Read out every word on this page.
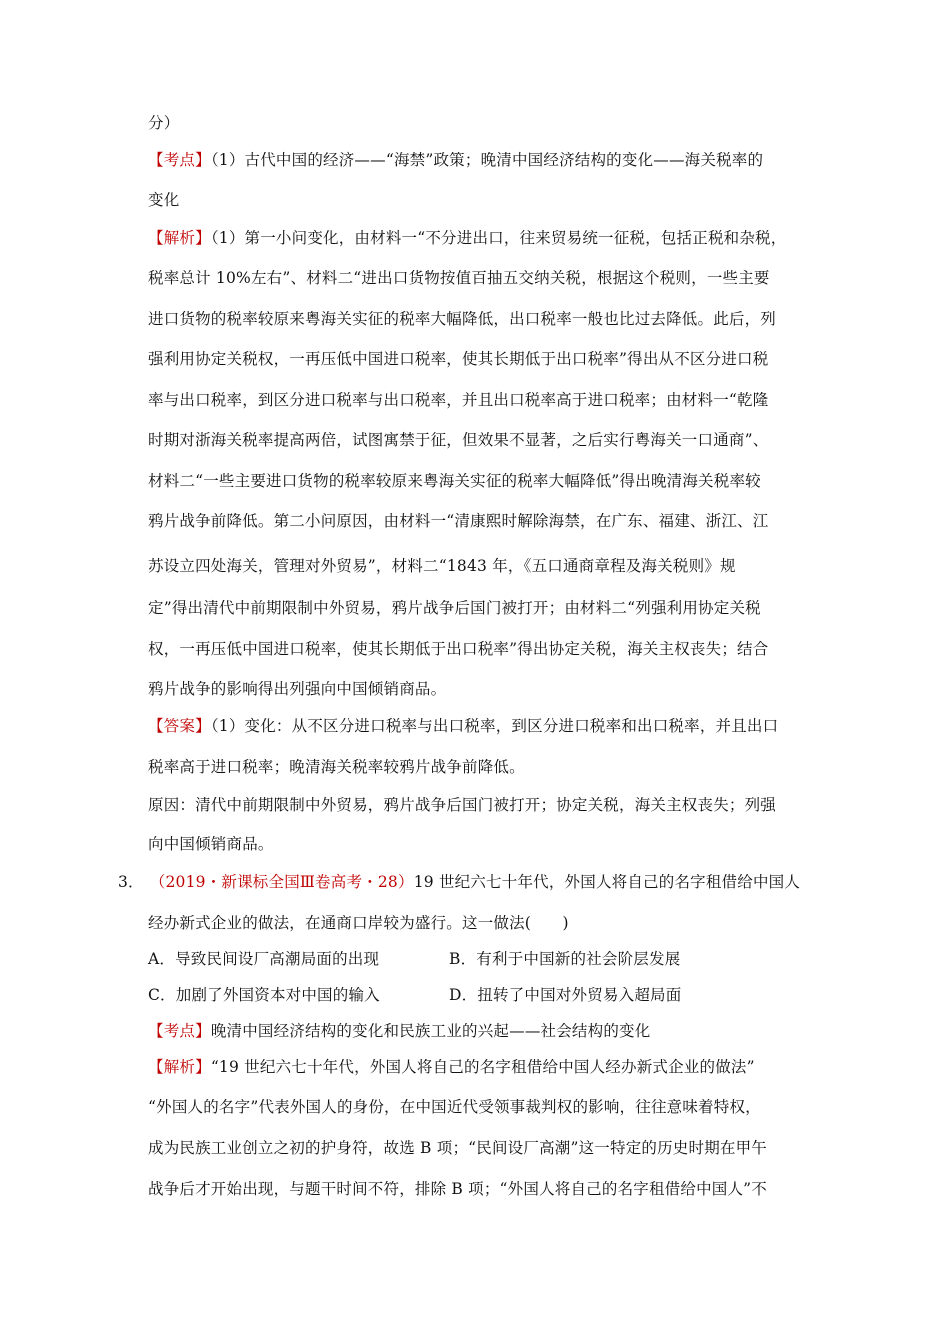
分）
【考点】（1）古代中国的经济——“海禁”政策；晚清中国经济结构的变化——海关税率的
变化
【解析】（1）第一小问变化，由材料一“不分进出口，往来贸易统一征税，包括正税和杂税，
税率总计 10%左右”、材料二“进出口货物按值百抽五交纳关税，根据这个税则，一些主要
进口货物的税率较原来粤海关实征的税率大幅降低，出口税率一般也比过去降低。此后，列
强利用协定关税权，一再压低中国进口税率，使其长期低于出口税率”得出从不区分进口税
率与出口税率，到区分进口税率与出口税率，并且出口税率高于进口税率；由材料一“乾隆
时期对浙海关税率提高两倍，试图寓禁于征，但效果不显著，之后实行粤海关一口通商”、
材料二“一些主要进口货物的税率较原来粤海关实征的税率大幅降低”得出晚清海关税率较
鸦片战争前降低。第二小问原因，由材料一“清康熙时解除海禁，在广东、福建、浙江、江
苏设立四处海关，管理对外贸易”，材料二“1843 年，《五口通商章程及海关税则》规
定”得出清代中前期限制中外贸易，鸦片战争后国门被打开；由材料二“列强利用协定关税
权，一再压低中国进口税率，使其长期低于出口税率”得出协定关税，海关主权丧失；结合
鸦片战争的影响得出列强向中国倾销商品。
【答案】（1）变化：从不区分进口税率与出口税率，到区分进口税率和出口税率，并且出口
税率高于进口税率；晚清海关税率较鸦片战争前降低。
原因：清代中前期限制中外贸易，鸦片战争后国门被打开；协定关税，海关主权丧失；列强
向中国倾销商品。
3． （2019・新课标全国Ⅲ卷高考・28）19 世纪六七十年代，外国人将自己的名字租借给中国人
经办新式企业的做法，在通商口岸较为盛行。这一做法(　　)
A．导致民间设厂高潮局面的出现	B．有利于中国新的社会阶层发展
C．加剧了外国资本对中国的输入	D．扭转了中国对外贸易入超局面
【考点】晚清中国经济结构的变化和民族工业的兴起——社会结构的变化
【解析】“19 世纪六七十年代，外国人将自己的名字租借给中国人经办新式企业的做法”
“外国人的名字”代表外国人的身份，在中国近代受领事裁判权的影响，往往意味着特权，
成为民族工业创立之初的护身符，故选 B 项；“民间设厂高潮”这一特定的历史时期在甲午
战争后才开始出现，与题干时间不符，排除 B 项；“外国人将自己的名字租借给中国人”不
